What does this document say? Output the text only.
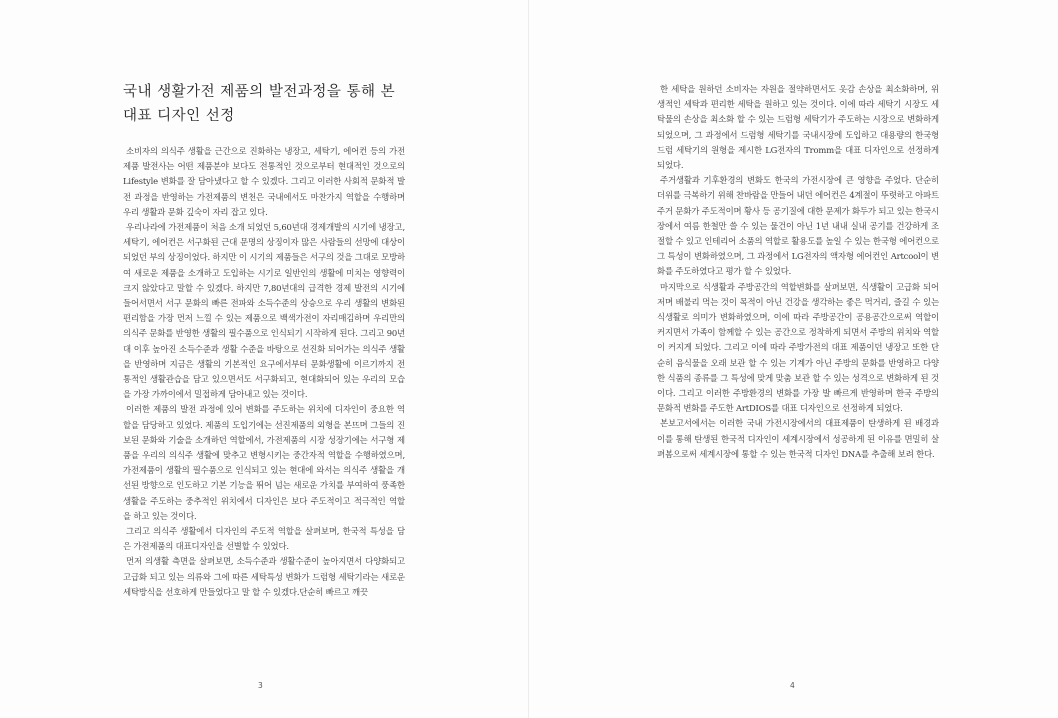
국내 생활가전 제품의 발전과정을 통해 본 대표 디자인 선정

소비자의 의식주 생활을 근간으로 진화하는 냉장고, 세탁기, 에어컨 등의 가전제품 발전사는 어떤 제품분야 보다도 전통적인 것으로부터 현대적인 것으로의 Lifestyle 변화를 잘 담아냈다고 할 수 있겠다. 그리고 이러한 사회적 문화적 발전 과정을 반영하는 가전제품의 변천은 국내에서도 마찬가지 역할을 수행하며 우리 생활과 문화 깊숙이 자리 잡고 있다.

우리나라에 가전제품이 처음 소개 되었던 5,60년대 경제개발의 시기에 냉장고, 세탁기, 에어컨은 서구화된 근대 문명의 상징이자 많은 사람들의 선망에 대상이 되었던 부의 상징이었다. 하지만 이 시기의 제품들은 서구의 것을 그대로 모방하여 새로운 제품을 소개하고 도입하는 시기로 일반인의 생활에 미치는 영향력이 크지 않았다고 말할 수 있겠다. 하지만 7,80년대의 급격한 경제 발전의 시기에 들어서면서 서구 문화의 빠른 전파와 소득수준의 상승으로 우리 생활의 변화된 편리함을 가장 먼저 느낄 수 있는 제품으로 백색가전이 자리매김하며 우리만의 의식주 문화를 반영한 생활의 필수품으로 인식되기 시작하게 된다. 그리고 90년대 이후 높아진 소득수준과 생활 수준을 바탕으로 선진화 되어가는 의식주 생활을 반영하며 지금은 생활의 기본적인 요구에서부터 문화생활에 이르기까지 전통적인 생활관습을 담고 있으면서도 서구화되고, 현대화되어 있는 우리의 모습을 가장 가까이에서 밀접하게 담아내고 있는 것이다.

이러한 제품의 발전 과정에 있어 변화를 주도하는 위치에 디자인이 중요한 역할을 담당하고 있었다. 제품의 도입기에는 선진제품의 외형을 본뜨며 그들의 진보된 문화와 기술을 소개하던 역할에서, 가전제품의 시장 성장기에는 서구형 제품을 우리의 의식주 생활에 맞추고 변형시키는 중간자적 역할을 수행하였으며, 가전제품이 생활의 필수품으로 인식되고 있는 현대에 와서는 의식주 생활을 개선된 방향으로 인도하고 기본 기능을 뛰어 넘는 새로운 가치를 부여하여 풍족한 생활을 주도하는 중추적인 위치에서 디자인은 보다 주도적이고 적극적인 역할을 하고 있는 것이다.

그리고 의식주 생활에서 디자인의 주도적 역할을 살펴보며, 한국적 특성을 담은 가전제품의 대표디자인을 선별할 수 있었다.

먼저 의생활 측면을 살펴보면, 소득수준과 생활수준이 높아지면서 다양화되고 고급화 되고 있는 의류와 그에 따른 세탁특성 변화가 드럼형 세탁기라는 새로운 세탁방식을 선호하게 만들었다고 말 할 수 있겠다.단순히 빠르고 깨끗

3	4

한 세탁을 원하던 소비자는 자원을 절약하면서도 옷감 손상을 최소화하며, 위생적인 세탁과 편리한 세탁을 원하고 있는 것이다. 이에 따라 세탁기 시장도 세탁물의 손상을 최소화 할 수 있는 드럼형 세탁기가 주도하는 시장으로 변화하게 되었으며, 그 과정에서 드럼형 세탁기를 국내시장에 도입하고 대용량의 한국형 드럼 세탁기의 원형을 제시한 LG전자의 Tromm을 대표 디자인으로 선정하게 되었다.

주거생활과 기후환경의 변화도 한국의 가전시장에 큰 영향을 주었다. 단순히 더위를 극복하기 위해 찬바람을 만들어 내던 에어컨은 4계절이 뚜렷하고 아파트 주거 문화가 주도적이며 황사 등 공기질에 대한 문제가 화두가 되고 있는 한국시장에서 여름 한철만 쓸 수 있는 물건이 아닌 1년 내내 실내 공기를 건강하게 조절할 수 있고 인테리어 소품의 역할로 활용도를 높일 수 있는 한국형 에어컨으로 그 특성이 변화하였으며, 그 과정에서 LG전자의 액자형 에어컨인 Artcool이 변화를 주도하였다고 평가 할 수 있었다.

마지막으로 식생활과 주방공간의 역할변화를 살펴보면, 식생활이 고급화 되어 저며 배불리 먹는 것이 목적이 아닌 건강을 생각하는 좋은 먹거리, 즐길 수 있는 식생활로 의미가 변화하였으며, 이에 따라 주방공간이 공용공간으로써 역할이 커지면서 가족이 함께할 수 있는 공간으로 정착하게 되면서 주방의 위치와 역할이 커지게 되었다. 그리고 이에 따라 주방가전의 대표 제품이던 냉장고 또한 단순히 음식물을 오래 보관 할 수 있는 기계가 아닌 주방의 문화를 반영하고 다양한 식품의 종류를 그 특성에 맞게 맞춤 보관 할 수 있는 성격으로 변화하게 된 것이다. 그리고 이러한 주방환경의 변화를 가장 발 빠르게 반영하며 한국 주방의 문화적 변화를 주도한 ArtDIOS를 대표 디자인으로 선정하게 되었다.

본보고서에서는 이러한 국내 가전시장에서의 대표제품이 탄생하게 된 배경과 이를 통해 탄생된 한국적 디자인이 세계시장에서 성공하게 된 이유를 면밀히 살펴봄으로써 세계시장에 통할 수 있는 한국적 디자인 DNA를 추출해 보려 한다.
